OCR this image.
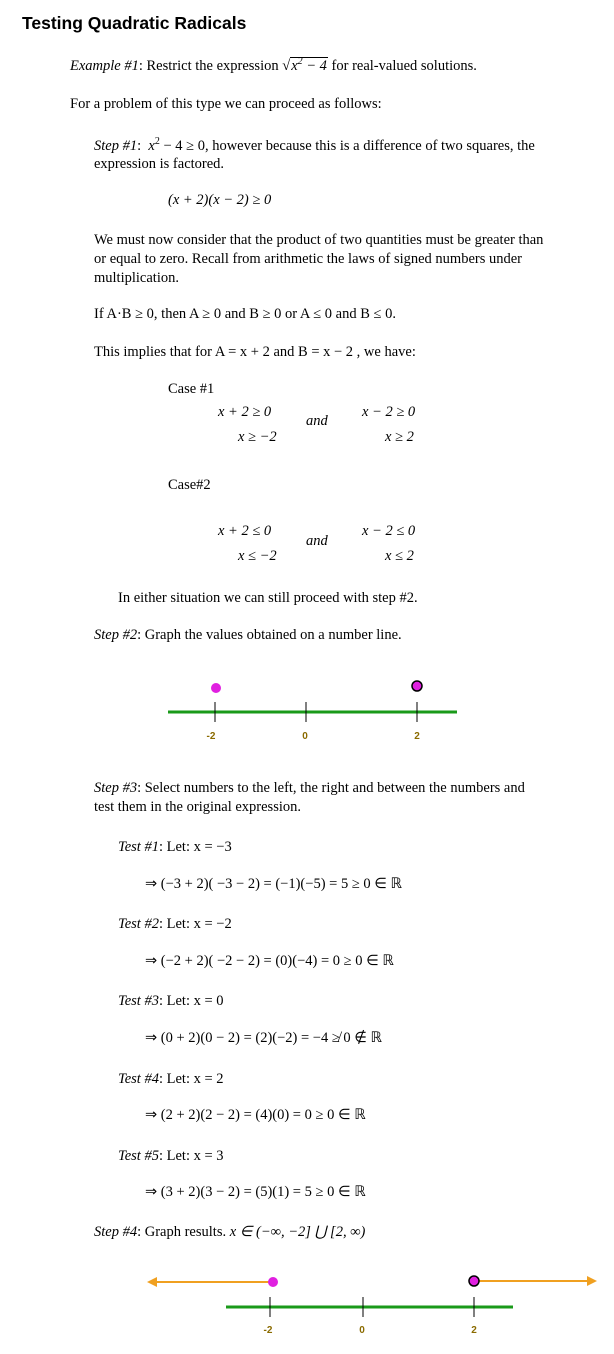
Testing Quadratic Radicals
Example #1: Restrict the expression $√x^2 - 4$ for real-valued solutions.
For a problem of this type we can proceed as follows:
Step #1:  $x^2 - 4 \ge 0$, however because this is a difference of two squares, the
expression is factored.
(x + 2)(x − 2) ≥ 0
We must now consider that the product of two quantities must be greater than
or equal to zero. Recall from arithmetic the laws of signed numbers under
multiplication.
If A·B ≥ 0, then A ≥ 0 and B ≥ 0 or A ≤ 0 and B ≤ 0.
This implies that for A = x + 2 and B = x − 2 , we have:
Case #1
x + 2 ≥ 0
x ≥ −2
and
x − 2 ≥ 0
x ≥ 2
Case#2
x + 2 ≤ 0
x ≤ −2
and
x − 2 ≤ 0
x ≤ 2
In either situation we can still proceed with step #2.
Step #2: Graph the values obtained on a number line.
-2	0	2
Step #3: Select numbers to the left, the right and between the numbers and
test them in the original expression.
Test #1: Let: x = −3
⇒ (−3 + 2)( −3 − 2) = (−1)(−5) = 5 ≥ 0 ∈ ℝ
Test #2: Let: x = −2
⇒ (−2 + 2)( −2 − 2) = (0)(−4) = 0 ≥ 0 ∈ ℝ
Test #3: Let: x = 0
⇒ (0 + 2)(0 − 2) = (2)(−2) = −4 ≱ 0 ∉ ℝ
Test #4: Let: x = 2
⇒ (2 + 2)(2 − 2) = (4)(0) = 0 ≥ 0 ∈ ℝ
Test #5: Let: x = 3
⇒ (3 + 2)(3 − 2) = (5)(1) = 5 ≥ 0 ∈ ℝ
Step #4: Graph results. x ∈ (−∞, −2] ⋃ [2, ∞)
-2	0	2
